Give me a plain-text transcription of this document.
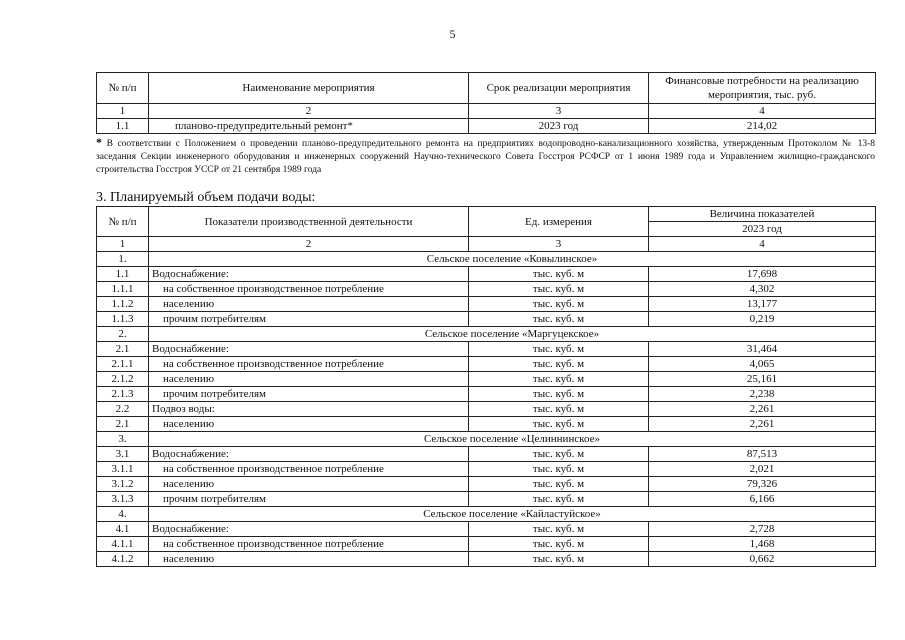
5
№ п/п	Наименование мероприятия	Срок реализации мероприятия	Финансовые потребности на реализацию мероприятия, тыс. руб.
1	2	3	4
1.1	планово-предупредительный ремонт*	2023 год	214,02
* В соответствии с Положением о проведении планово-предупредительного ремонта на предприятиях водопроводно-канализационного хозяйства, утвержденным Протоколом № 13-8 заседания Секции инженерного оборудования и инженерных сооружений Научно-технического Совета Госстроя РСФСР от 1 июня 1989 года и Управлением жилищно-гражданского строительства Госстроя УССР от 21 сентября 1989 года
3. Планируемый объем подачи воды:
№ п/п	Показатели производственной деятельности	Ед. измерения	Величина показателей
			2023 год
1	2	3	4
1.	Сельское поселение «Ковылинское»		
1.1	Водоснабжение:	тыс. куб. м	17,698
1.1.1	на собственное производственное потребление	тыс. куб. м	4,302
1.1.2	населению	тыс. куб. м	13,177
1.1.3	прочим потребителям	тыс. куб. м	0,219
2.	Сельское поселение «Маргуцекское»		
2.1	Водоснабжение:	тыс. куб. м	31,464
2.1.1	на собственное производственное потребление	тыс. куб. м	4,065
2.1.2	населению	тыс. куб. м	25,161
2.1.3	прочим потребителям	тыс. куб. м	2,238
2.2	Подвоз воды:	тыс. куб. м	2,261
2.1	населению	тыс. куб. м	2,261
3.	Сельское поселение «Целиннинское»		
3.1	Водоснабжение:	тыс. куб. м	87,513
3.1.1	на собственное производственное потребление	тыс. куб. м	2,021
3.1.2	населению	тыс. куб. м	79,326
3.1.3	прочим потребителям	тыс. куб. м	6,166
4.	Сельское поселение «Кайластуйское»		
4.1	Водоснабжение:	тыс. куб. м	2,728
4.1.1	на собственное производственное потребление	тыс. куб. м	1,468
4.1.2	населению	тыс. куб. м	0,662
